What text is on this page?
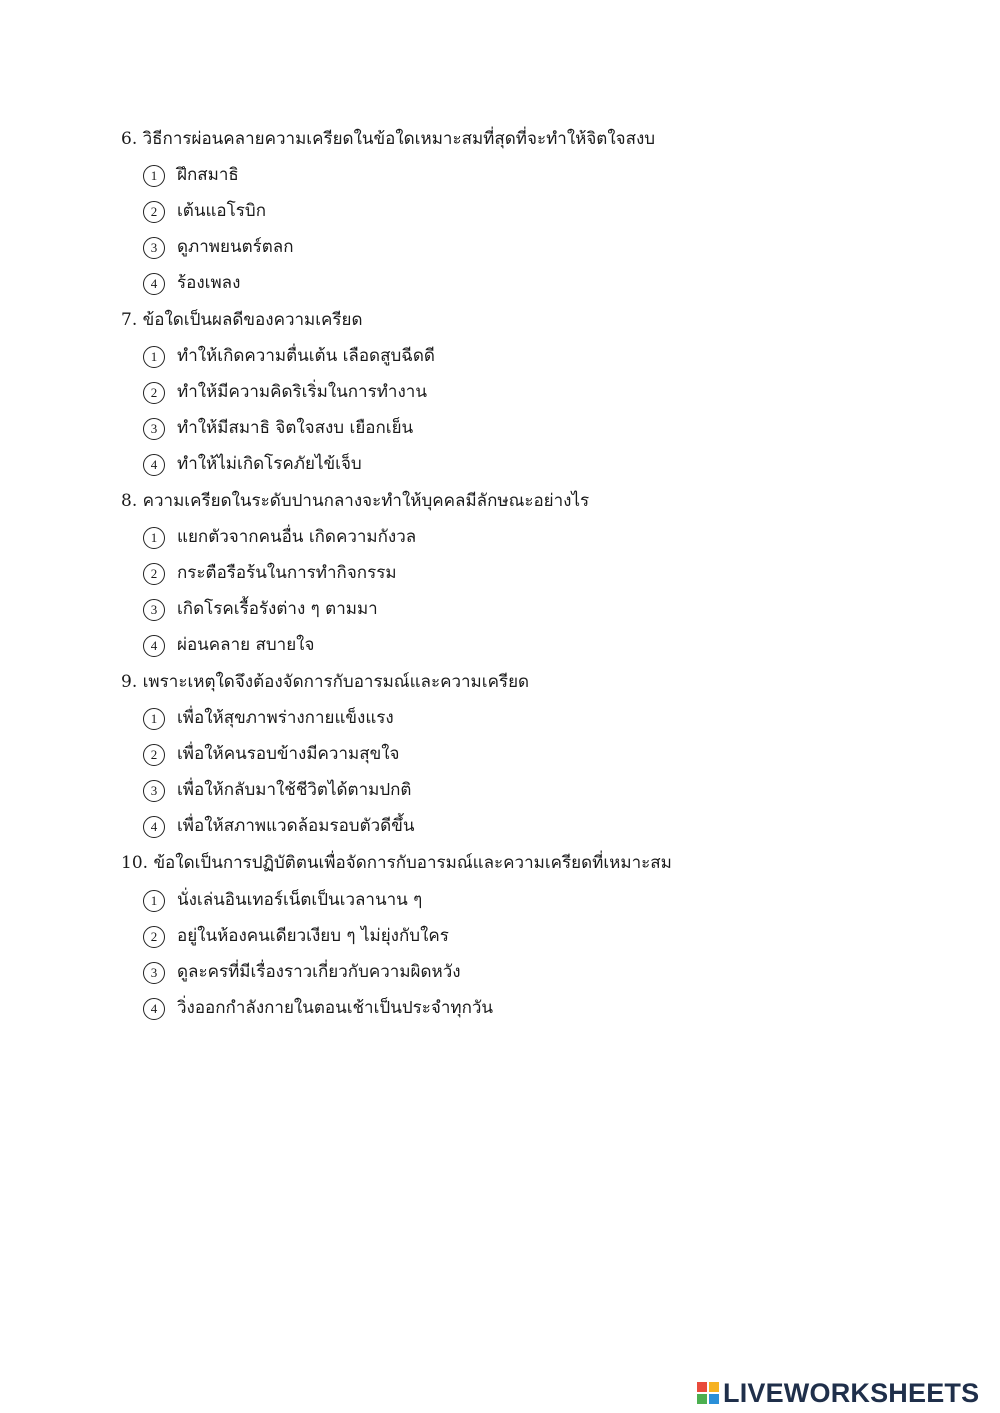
6. วิธีการผ่อนคลายความเครียดในข้อใดเหมาะสมที่สุดที่จะทำให้จิตใจสงบ
1	ฝึกสมาธิ
2	เต้นแอโรบิก
3	ดูภาพยนตร์ตลก
4	ร้องเพลง
7. ข้อใดเป็นผลดีของความเครียด
1	ทำให้เกิดความตื่นเต้น เลือดสูบฉีดดี
2	ทำให้มีความคิดริเริ่มในการทำงาน
3	ทำให้มีสมาธิ จิตใจสงบ เยือกเย็น
4	ทำให้ไม่เกิดโรคภัยไข้เจ็บ
8. ความเครียดในระดับปานกลางจะทำให้บุคคลมีลักษณะอย่างไร
1	แยกตัวจากคนอื่น เกิดความกังวล
2	กระตือรือร้นในการทำกิจกรรม
3	เกิดโรคเรื้อรังต่าง ๆ ตามมา
4	ผ่อนคลาย สบายใจ
9. เพราะเหตุใดจึงต้องจัดการกับอารมณ์และความเครียด
1	เพื่อให้สุขภาพร่างกายแข็งแรง
2	เพื่อให้คนรอบข้างมีความสุขใจ
3	เพื่อให้กลับมาใช้ชีวิตได้ตามปกติ
4	เพื่อให้สภาพแวดล้อมรอบตัวดีขึ้น
10. ข้อใดเป็นการปฏิบัติตนเพื่อจัดการกับอารมณ์และความเครียดที่เหมาะสม
1	นั่งเล่นอินเทอร์เน็ตเป็นเวลานาน ๆ
2	อยู่ในห้องคนเดียวเงียบ ๆ ไม่ยุ่งกับใคร
3	ดูละครที่มีเรื่องราวเกี่ยวกับความผิดหวัง
4	วิ่งออกกำลังกายในตอนเช้าเป็นประจำทุกวัน
LIVEWORKSHEETS
